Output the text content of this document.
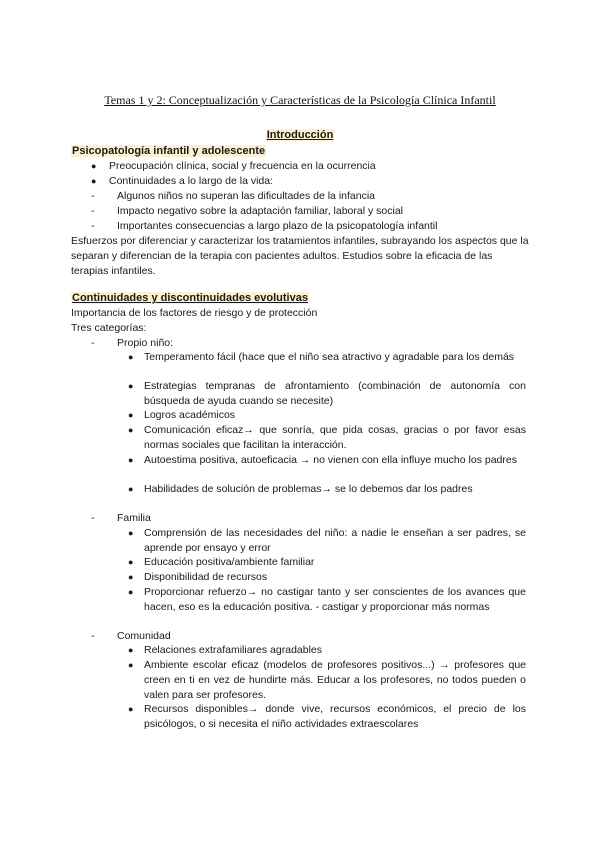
Temas 1 y 2: Conceptualización y Características de la Psicología Clínica Infantil
Introducción
Psicopatología infantil y adolescente
● Preocupación clínica, social y frecuencia en la ocurrencia
● Continuidades a lo largo de la vida:
- Algunos niños no superan las dificultades de la infancia
- Impacto negativo sobre la adaptación familiar, laboral y social
- Importantes consecuencias a largo plazo de la psicopatología infantil
Esfuerzos por diferenciar y caracterizar los tratamientos infantiles, subrayando los aspectos que la separan y diferencian de la terapia con pacientes adultos. Estudios sobre la eficacia de las terapias infantiles.
Continuidades y discontinuidades evolutivas
Importancia de los factores de riesgo y de protección
Tres categorías:
- Propio niño:
● Temperamento fácil (hace que el niño sea atractivo y agradable para los demás
● Estrategias tempranas de afrontamiento (combinación de autonomía con búsqueda de ayuda cuando se necesite)
● Logros académicos
● Comunicación eficaz→ que sonría, que pida cosas, gracias o por favor esas normas sociales que facilitan la interacción.
● Autoestima positiva, autoeficacia → no vienen con ella influye mucho los padres
● Habilidades de solución de problemas→ se lo debemos dar los padres
- Familia
● Comprensión de las necesidades del niño: a nadie le enseñan a ser padres, se aprende por ensayo y error
● Educación positiva/ambiente familiar
● Disponibilidad de recursos
● Proporcionar refuerzo→ no castigar tanto y ser conscientes de los avances que hacen, eso es la educación positiva. - castigar y proporcionar más normas
- Comunidad
● Relaciones extrafamiliares agradables
● Ambiente escolar eficaz (modelos de profesores positivos...) → profesores que creen en ti en vez de hundirte más. Educar a los profesores, no todos pueden o valen para ser profesores.
● Recursos disponibles→ donde vive, recursos económicos, el precio de los psicólogos, o si necesita el niño actividades extraescolares
